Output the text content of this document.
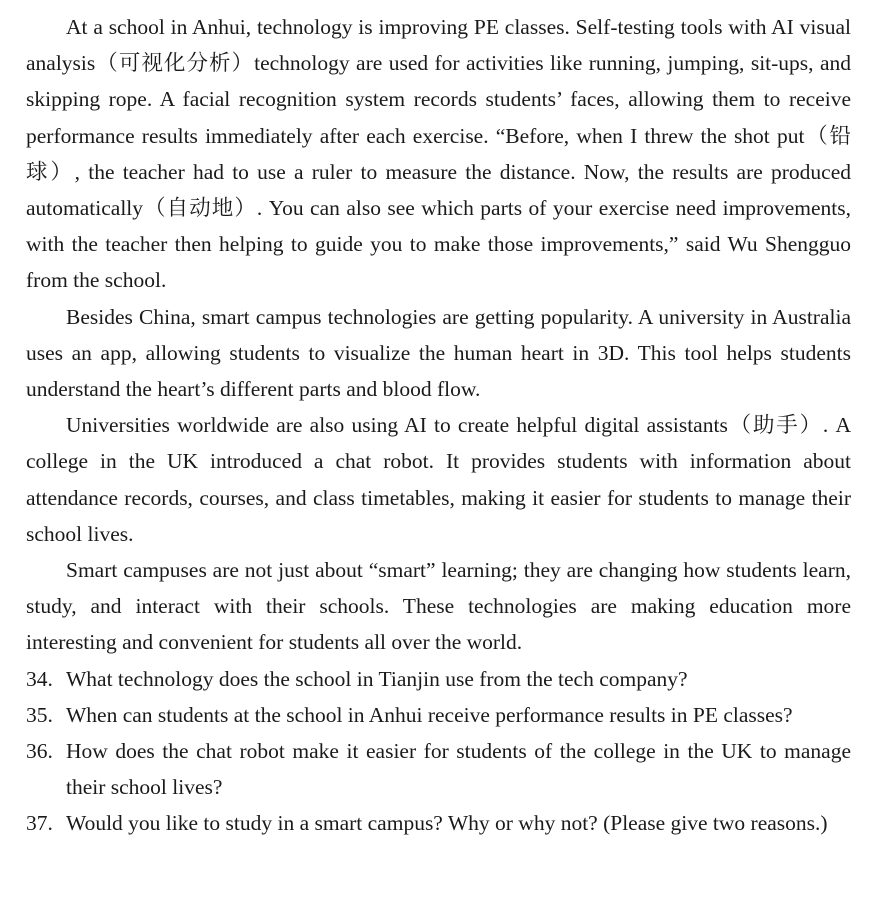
At a school in Anhui, technology is improving PE classes. Self-testing tools with AI visual analysis（可视化分析）technology are used for activities like running, jumping, sit-ups, and skipping rope. A facial recognition system records students’ faces, allowing them to receive performance results immediately after each exercise. “Before, when I threw the shot put（铅球）, the teacher had to use a ruler to measure the distance. Now, the results are produced automatically（自动地）. You can also see which parts of your exercise need improvements, with the teacher then helping to guide you to make those improvements,” said Wu Shengguo from the school.

Besides China, smart campus technologies are getting popularity. A university in Australia uses an app, allowing students to visualize the human heart in 3D. This tool helps students understand the heart’s different parts and blood flow.

Universities worldwide are also using AI to create helpful digital assistants（助手）. A college in the UK introduced a chat robot. It provides students with information about attendance records, courses, and class timetables, making it easier for students to manage their school lives.

Smart campuses are not just about “smart” learning; they are changing how students learn, study, and interact with their schools. These technologies are making education more interesting and convenient for students all over the world.

34. What technology does the school in Tianjin use from the tech company?
35. When can students at the school in Anhui receive performance results in PE classes?
36. How does the chat robot make it easier for students of the college in the UK to manage their school lives?
37. Would you like to study in a smart campus? Why or why not? (Please give two reasons.)
